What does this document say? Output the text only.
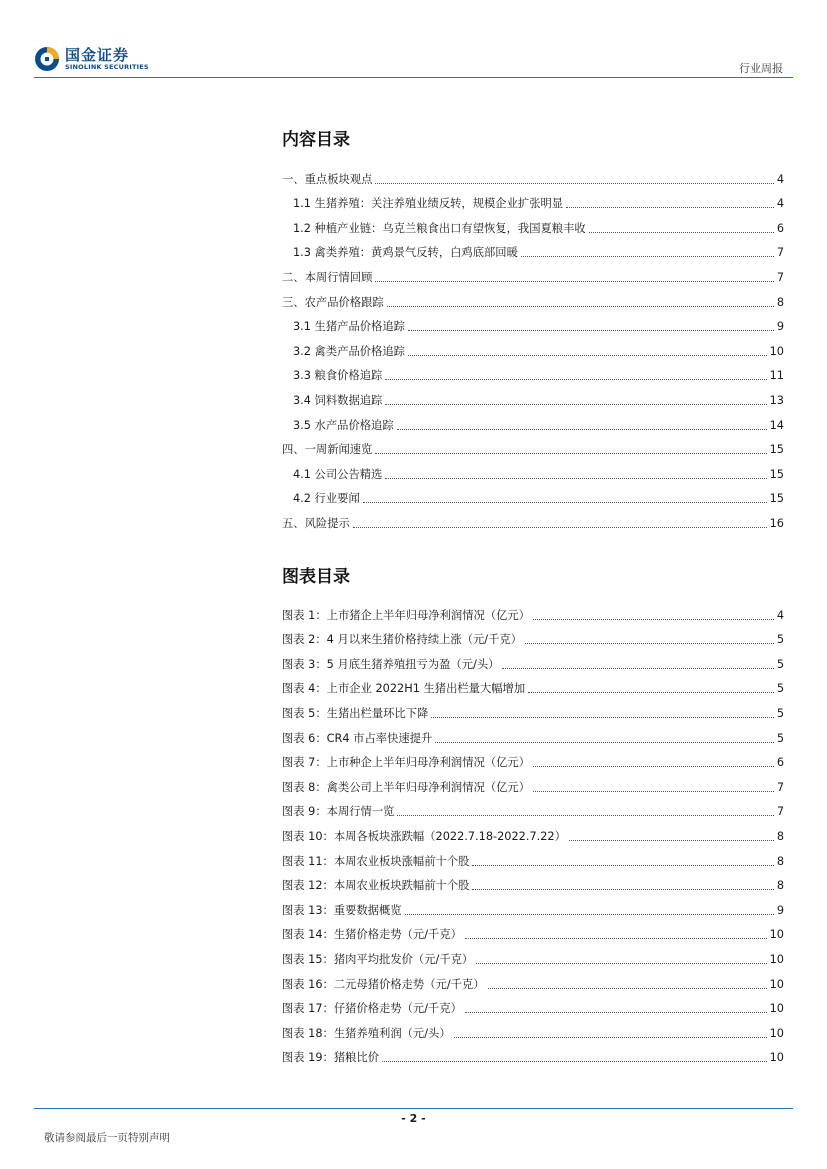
国金证券
SINOLINK SECURITIES	行业周报
内容目录
一、重点板块观点	4
1.1 生猪养殖：关注养殖业绩反转，规模企业扩张明显	4
1.2 种植产业链：乌克兰粮食出口有望恢复，我国夏粮丰收	6
1.3 禽类养殖：黄鸡景气反转，白鸡底部回暖	7
二、本周行情回顾	7
三、农产品价格跟踪	8
3.1 生猪产品价格追踪	9
3.2 禽类产品价格追踪	10
3.3 粮食价格追踪	11
3.4 饲料数据追踪	13
3.5 水产品价格追踪	14
四、一周新闻速览	15
4.1 公司公告精选	15
4.2 行业要闻	15
五、风险提示	16
图表目录
图表 1：上市猪企上半年归母净利润情况（亿元）	4
图表 2：4 月以来生猪价格持续上涨（元/千克）	5
图表 3：5 月底生猪养殖扭亏为盈（元/头）	5
图表 4：上市企业 2022H1 生猪出栏量大幅增加	5
图表 5：生猪出栏量环比下降	5
图表 6：CR4 市占率快速提升	5
图表 7：上市种企上半年归母净利润情况（亿元）	6
图表 8：禽类公司上半年归母净利润情况（亿元）	7
图表 9：本周行情一览	7
图表 10：本周各板块涨跌幅（2022.7.18-2022.7.22）	8
图表 11：本周农业板块涨幅前十个股	8
图表 12：本周农业板块跌幅前十个股	8
图表 13：重要数据概览	9
图表 14：生猪价格走势（元/千克）	10
图表 15：猪肉平均批发价（元/千克）	10
图表 16：二元母猪价格走势（元/千克）	10
图表 17：仔猪价格走势（元/千克）	10
图表 18：生猪养殖利润（元/头）	10
图表 19：猪粮比价	10
- 2 -
敬请参阅最后一页特别声明
